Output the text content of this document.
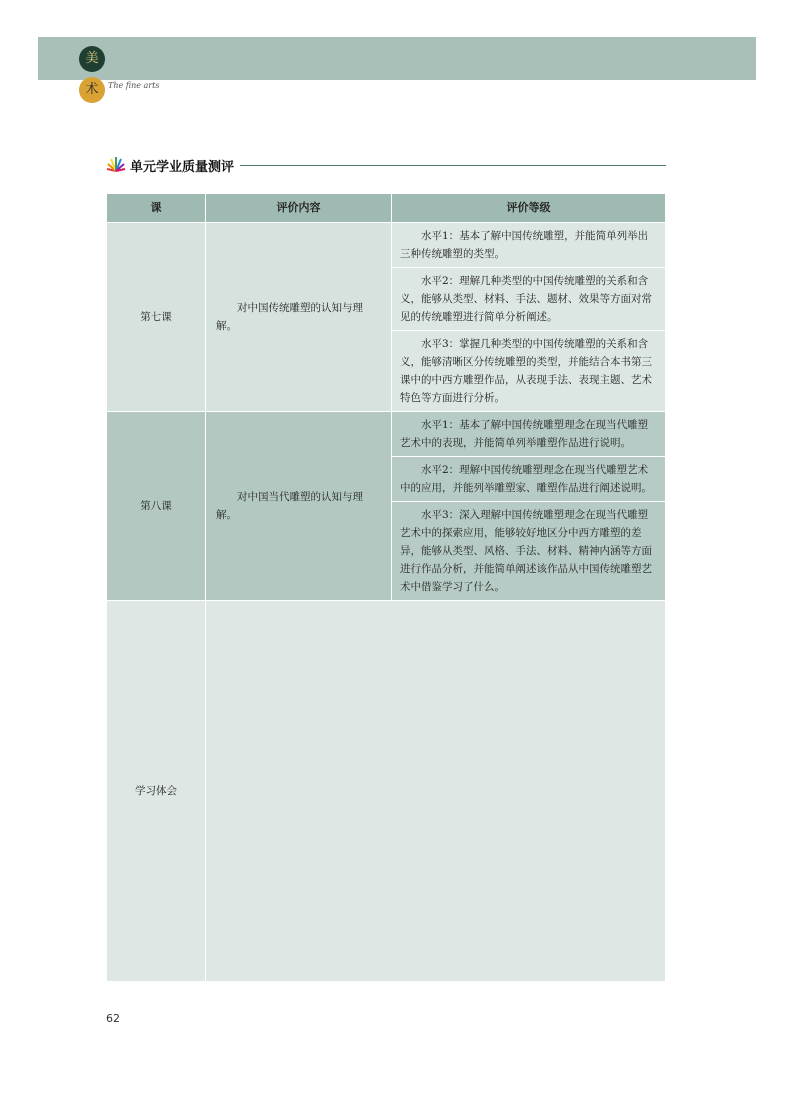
美
术	The fine arts
单元学业质量测评
课	评价内容	评价等级
第七课	对中国传统雕塑的认知与理解。	水平1：基本了解中国传统雕塑，并能简单列举出三种传统雕塑的类型。
		水平2：理解几种类型的中国传统雕塑的关系和含义，能够从类型、材料、手法、题材、效果等方面对常见的传统雕塑进行简单分析阐述。
		水平3：掌握几种类型的中国传统雕塑的关系和含义，能够清晰区分传统雕塑的类型，并能结合本书第三课中的中西方雕塑作品，从表现手法、表现主题、艺术特色等方面进行分析。
第八课	对中国当代雕塑的认知与理解。	水平1：基本了解中国传统雕塑理念在现当代雕塑艺术中的表现，并能简单列举雕塑作品进行说明。
		水平2：理解中国传统雕塑理念在现当代雕塑艺术中的应用，并能列举雕塑家、雕塑作品进行阐述说明。
		水平3：深入理解中国传统雕塑理念在现当代雕塑艺术中的探索应用，能够较好地区分中西方雕塑的差异，能够从类型、风格、手法、材料、精神内涵等方面进行作品分析，并能简单阐述该作品从中国传统雕塑艺术中借鉴学习了什么。
学习体会		
62
